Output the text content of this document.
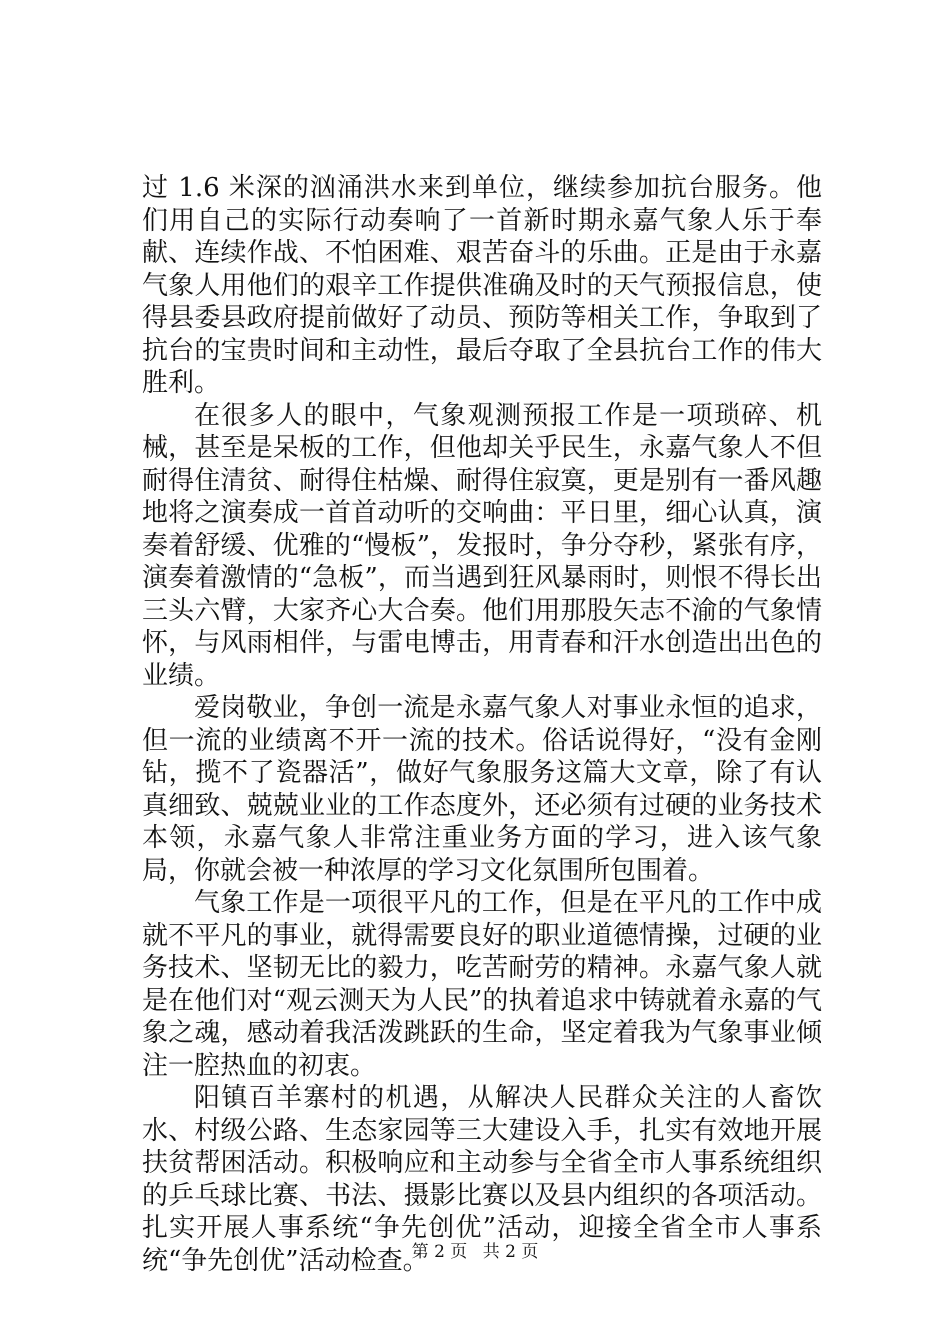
过 1.6 米深的汹涌洪水来到单位，继续参加抗台服务。他们用自己的实际行动奏响了一首新时期永嘉气象人乐于奉献、连续作战、不怕困难、艰苦奋斗的乐曲。正是由于永嘉气象人用他们的艰辛工作提供准确及时的天气预报信息，使得县委县政府提前做好了动员、预防等相关工作，争取到了抗台的宝贵时间和主动性，最后夺取了全县抗台工作的伟大胜利。

在很多人的眼中，气象观测预报工作是一项琐碎、机械，甚至是呆板的工作，但他却关乎民生，永嘉气象人不但耐得住清贫、耐得住枯燥、耐得住寂寞，更是别有一番风趣地将之演奏成一首首动听的交响曲：平日里，细心认真，演奏着舒缓、优雅的“慢板”，发报时，争分夺秒，紧张有序，演奏着激情的“急板”，而当遇到狂风暴雨时，则恨不得长出三头六臂，大家齐心大合奏。他们用那股矢志不渝的气象情怀，与风雨相伴，与雷电博击，用青春和汗水创造出出色的业绩。

爱岗敬业，争创一流是永嘉气象人对事业永恒的追求，但一流的业绩离不开一流的技术。俗话说得好，“没有金刚钻，揽不了瓷器活”，做好气象服务这篇大文章，除了有认真细致、兢兢业业的工作态度外，还必须有过硬的业务技术本领，永嘉气象人非常注重业务方面的学习，进入该气象局，你就会被一种浓厚的学习文化氛围所包围着。

气象工作是一项很平凡的工作，但是在平凡的工作中成就不平凡的事业，就得需要良好的职业道德情操，过硬的业务技术、坚韧无比的毅力，吃苦耐劳的精神。永嘉气象人就是在他们对“观云测天为人民”的执着追求中铸就着永嘉的气象之魂，感动着我活泼跳跃的生命，坚定着我为气象事业倾注一腔热血的初衷。

阳镇百羊寨村的机遇，从解决人民群众关注的人畜饮水、村级公路、生态家园等三大建设入手，扎实有效地开展扶贫帮困活动。积极响应和主动参与全省全市人事系统组织的乒乓球比赛、书法、摄影比赛以及县内组织的各项活动。扎实开展人事系统“争先创优”活动，迎接全省全市人事系统“争先创优”活动检查。

第 2 页 共 2 页
